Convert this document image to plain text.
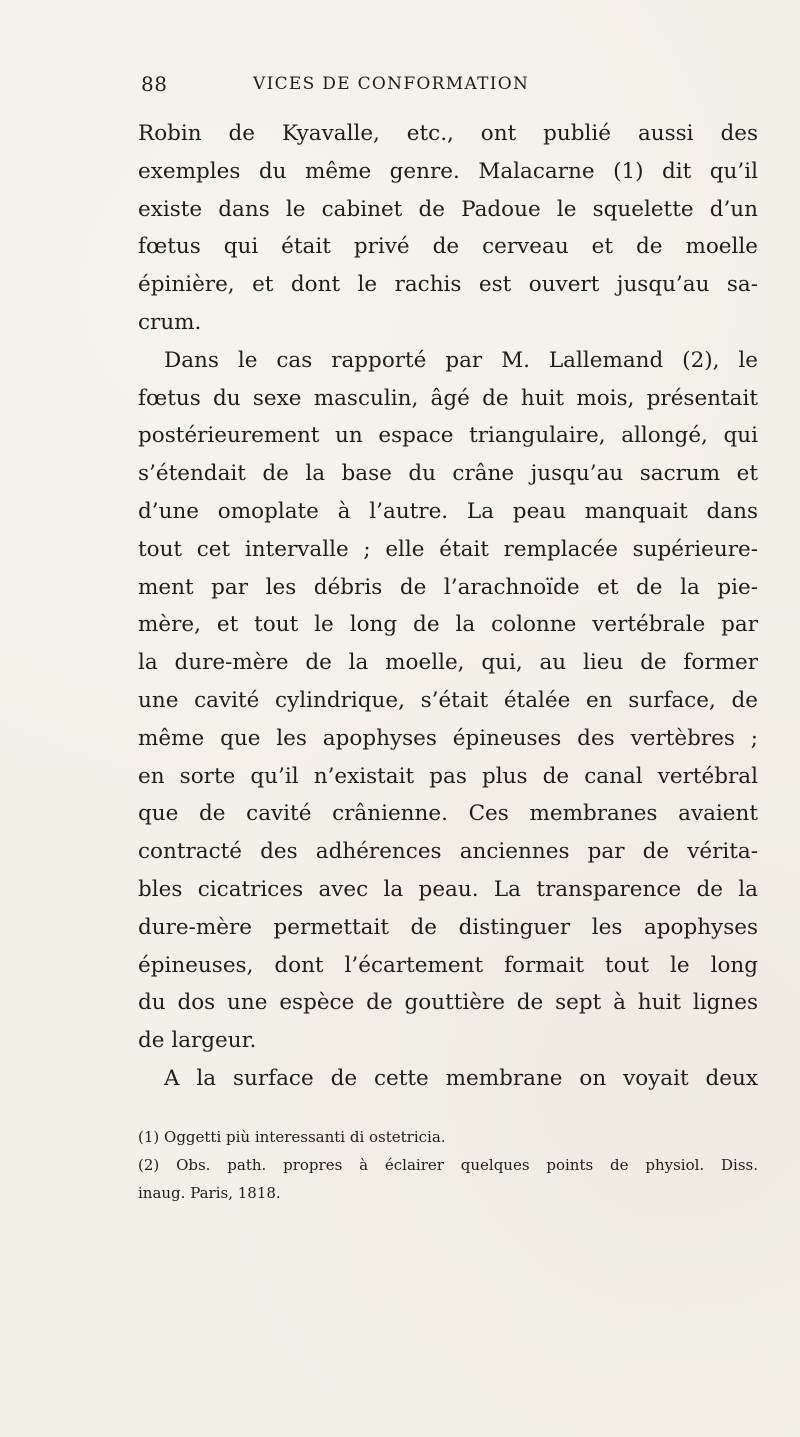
88	VICES DE CONFORMATION
Robin de Kyavalle, etc., ont publié aussi des
exemples du même genre. Malacarne (1) dit qu’il
existe dans le cabinet de Padoue le squelette d’un
fœtus qui était privé de cerveau et de moelle
épinière, et dont le rachis est ouvert jusqu’au sa-
crum.
Dans le cas rapporté par M. Lallemand (2), le
fœtus du sexe masculin, âgé de huit mois, présentait
postérieurement un espace triangulaire, allongé, qui
s’étendait de la base du crâne jusqu’au sacrum et
d’une omoplate à l’autre. La peau manquait dans
tout cet intervalle ; elle était remplacée supérieure-
ment par les débris de l’arachnoïde et de la pie-
mère, et tout le long de la colonne vertébrale par
la dure-mère de la moelle, qui, au lieu de former
une cavité cylindrique, s’était étalée en surface, de
même que les apophyses épineuses des vertèbres ;
en sorte qu’il n’existait pas plus de canal vertébral
que de cavité crânienne. Ces membranes avaient
contracté des adhérences anciennes par de vérita-
bles cicatrices avec la peau. La transparence de la
dure-mère permettait de distinguer les apophyses
épineuses, dont l’écartement formait tout le long
du dos une espèce de gouttière de sept à huit lignes
de largeur.
A la surface de cette membrane on voyait deux
(1) Oggetti più interessanti di ostetricia.
(2) Obs. path. propres à éclairer quelques points de physiol. Diss.
inaug. Paris, 1818.
